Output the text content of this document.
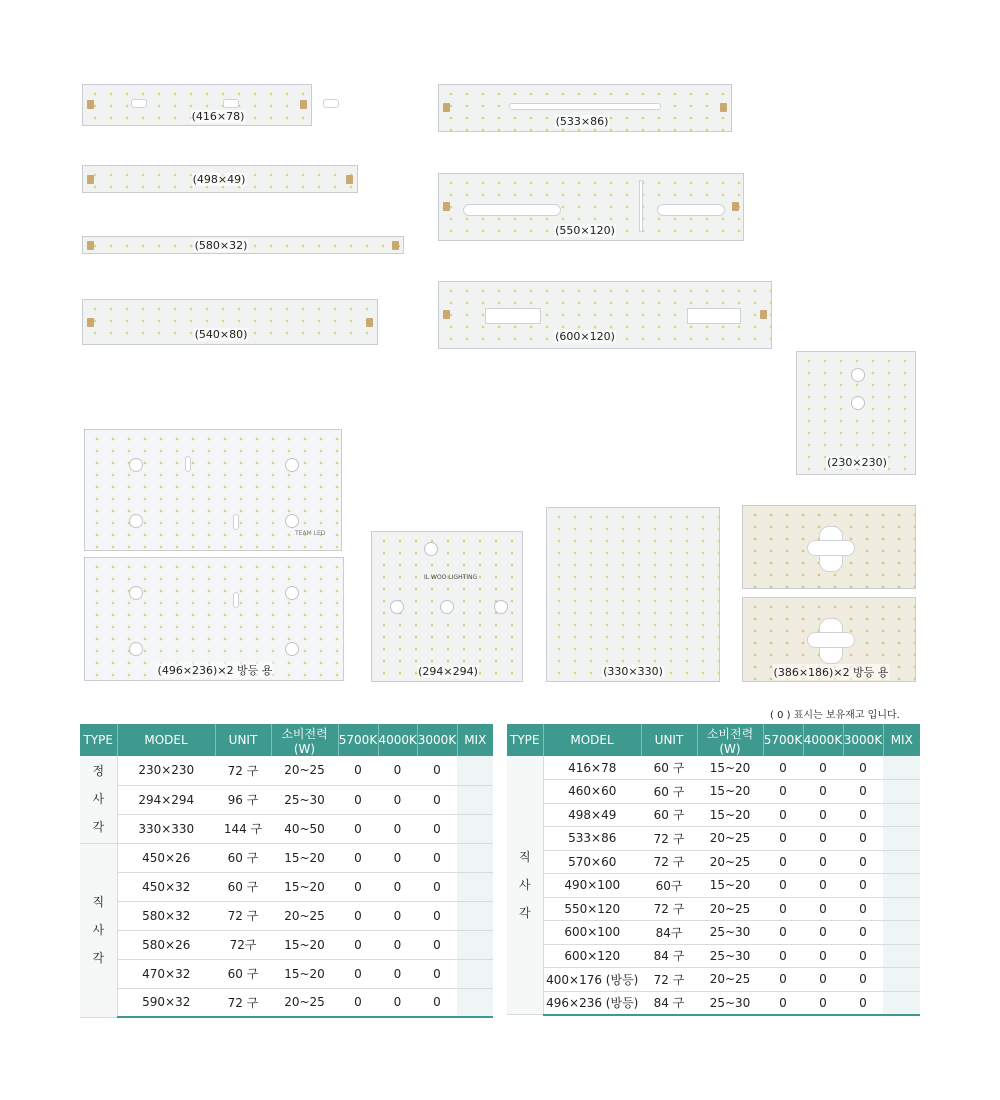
(416×78)
(498×49)
(580×32)
(540×80)
(533×86)
(550×120)
(600×120)
(230×230)
TEAM LED
(496×236)×2 방등 용
IL WOO LIGHTING
(294×294)	(330×330)	(386×186)×2 방등 용
( 0 ) 표시는 보유재고 입니다.
TYPE	MODEL	UNIT	소비전력(W)	5700K	4000K	3000K	MIX

정
사
각	230×230	72 구	20~25	0	0	0	
	294×294	96 구	25~30	0	0	0	
	330×330	144 구	40~50	0	0	0	

직
사
각	450×26	60 구	15~20	0	0	0	
	450×32	60 구	15~20	0	0	0	
	580×32	72 구	20~25	0	0	0	
	580×26	72구	15~20	0	0	0	
	470×32	60 구	15~20	0	0	0	
	590×32	72 구	20~25	0	0	0	
TYPE	MODEL	UNIT	소비전력(W)	5700K	4000K	3000K	MIX

직
사
각	416×78	60 구	15~20	0	0	0	
	460×60	60 구	15~20	0	0	0	
	498×49	60 구	15~20	0	0	0	
	533×86	72 구	20~25	0	0	0	
	570×60	72 구	20~25	0	0	0	
	490×100	60구	15~20	0	0	0	
	550×120	72 구	20~25	0	0	0	
	600×100	84구	25~30	0	0	0	
	600×120	84 구	25~30	0	0	0	
	400×176 (방등)	72 구	20~25	0	0	0	
	496×236 (방등)	84 구	25~30	0	0	0	
